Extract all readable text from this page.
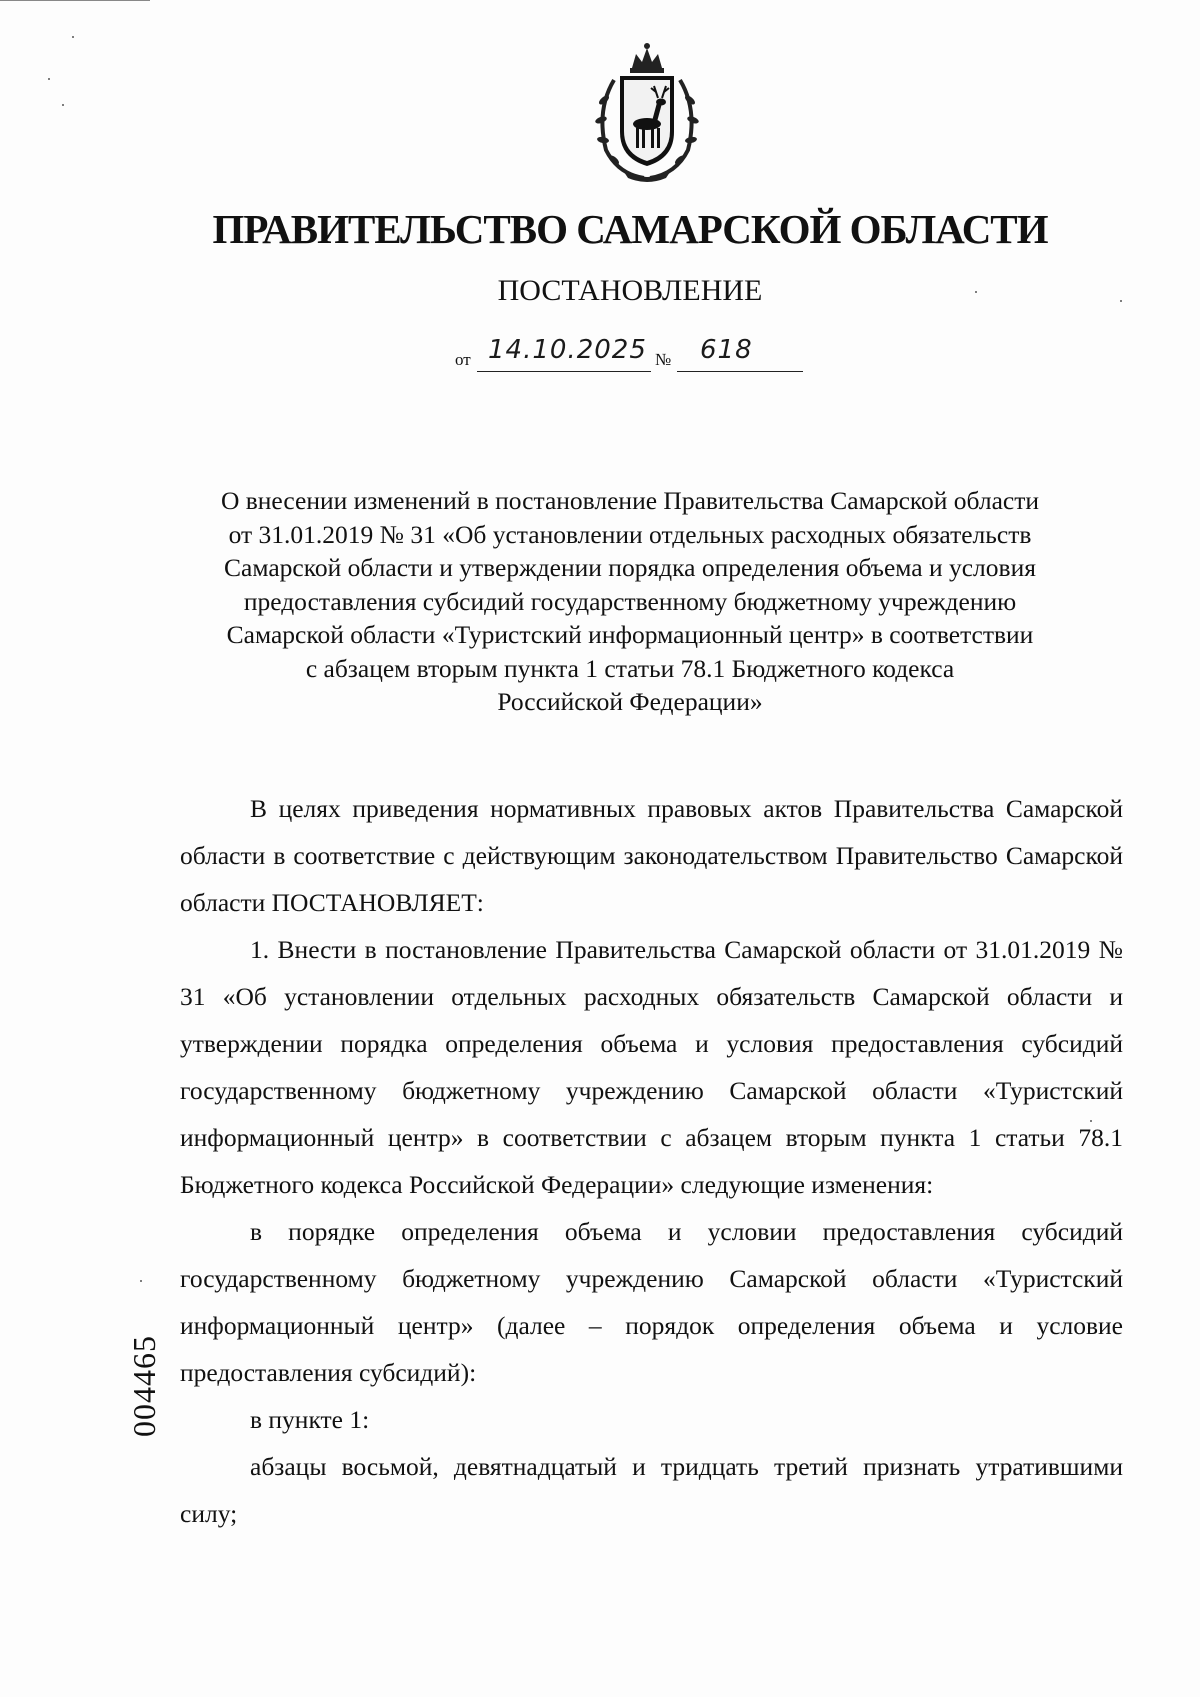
ПРАВИТЕЛЬСТВО САМАРСКОЙ ОБЛАСТИ
ПОСТАНОВЛЕНИЕ
от 14.10.2025 № 618
О внесении изменений в постановление Правительства Самарской области
от 31.01.2019 № 31 «Об установлении отдельных расходных обязательств
Самарской области и утверждении порядка определения объема и условия
предоставления субсидий государственному бюджетному учреждению
Самарской области «Туристский информационный центр» в соответствии
с абзацем вторым пункта 1 статьи 78.1 Бюджетного кодекса
Российской Федерации»

В целях приведения нормативных правовых актов Правительства Самарской области в соответствие с действующим законодательством Правительство Самарской области ПОСТАНОВЛЯЕТ:

1. Внести в постановление Правительства Самарской области от 31.01.2019 № 31 «Об установлении отдельных расходных обязательств Самарской области и утверждении порядка определения объема и условия предоставления субсидий государственному бюджетному учреждению Самарской области «Туристский информационный центр» в соответствии с абзацем вторым пункта 1 статьи 78.1 Бюджетного кодекса Российской Федерации» следующие изменения:

в порядке определения объема и условии предоставления субсидий государственному бюджетному учреждению Самарской области «Туристский информационный центр» (далее – порядок определения объема и условие предоставления субсидий):

в пункте 1:

абзацы восьмой, девятнадцатый и тридцать третий признать утратившими силу;

004465
